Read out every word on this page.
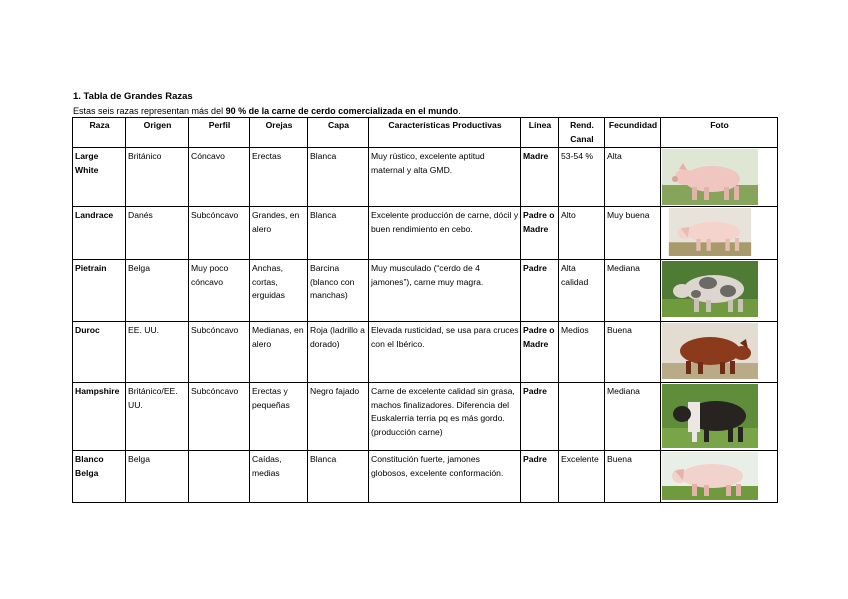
1. Tabla de Grandes Razas
Estas seis razas representan más del 90 % de la carne de cerdo comercializada en el mundo.
Raza	Origen	Perfil	Orejas	Capa	Características Productivas	Línea	Rend. Canal	Fecundidad	Foto
Large White	Británico	Cóncavo	Erectas	Blanca	Muy rústico, excelente aptitud maternal y alta GMD.	Madre	53-54 %	Alta	

Landrace	Danés	Subcóncavo	Grandes, en alero	Blanca	Excelente producción de carne, dócil y buen rendimiento en cebo.	Padre o Madre	Alto	Muy buena	

Pietrain	Belga	Muy poco cóncavo	Anchas, cortas, erguidas	Barcina (blanco con manchas)	Muy musculado (“cerdo de 4 jamones”), carne muy magra.	Padre	Alta calidad	Mediana	

Duroc	EE. UU.	Subcóncavo	Medianas, en alero	Roja (ladrillo a dorado)	Elevada rusticidad, se usa para cruces con el Ibérico.	Padre o Madre	Medios	Buena	

Hampshire	Británico/EE. UU.	Subcóncavo	Erectas y pequeñas	Negro fajado	Carne de excelente calidad sin grasa, machos finalizadores. Diferencia del Euskalerria terria pq es más gordo. (producción carne)	Padre		Mediana	

Blanco Belga	Belga		Caídas, medias	Blanca	Constitución fuerte, jamones globosos, excelente conformación.	Padre	Excelente	Buena	
